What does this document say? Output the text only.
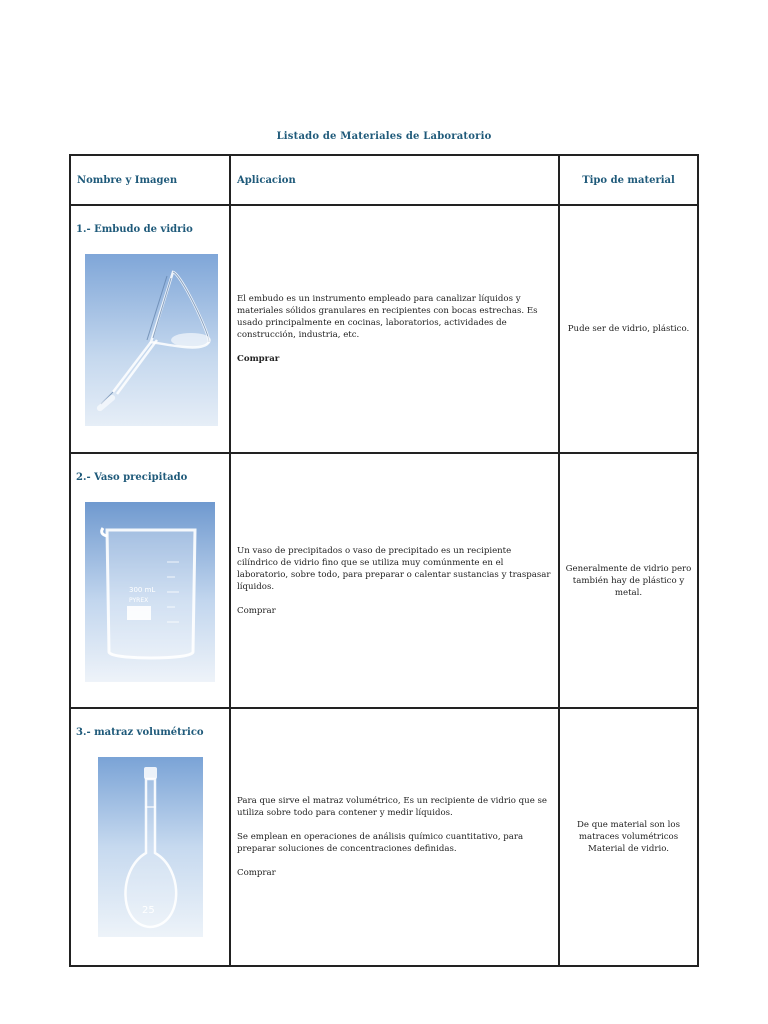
Listado de Materiales de Laboratorio
Nombre y Imagen	Aplicacion	Tipo de material
1.- Embudo de vidrio

El embudo es un instrumento empleado para canalizar líquidos y materiales sólidos granulares en recipientes con bocas estrechas. Es usado principalmente en cocinas, laboratorios, actividades de construcción, industria, etc.

Comprar
Pude ser de vidrio, plástico.
2.- Vaso precipitado
300 mL
PYREX

Un vaso de precipitados o vaso de precipitado es un recipiente cilíndrico de vidrio fino que se utiliza muy comúnmente en el laboratorio, sobre todo, para preparar o calentar sustancias y traspasar líquidos.

Comprar
Generalmente de vidrio pero también hay de plástico y metal.
3.- matraz volumétrico
25

Para que sirve el matraz volumétrico, Es un recipiente de vidrio que se utiliza sobre todo para contener y medir líquidos.

Se emplean en operaciones de análisis químico cuantitativo, para preparar soluciones de concentraciones definidas.

Comprar
De que material son los matraces volumétricos Material de vidrio.
